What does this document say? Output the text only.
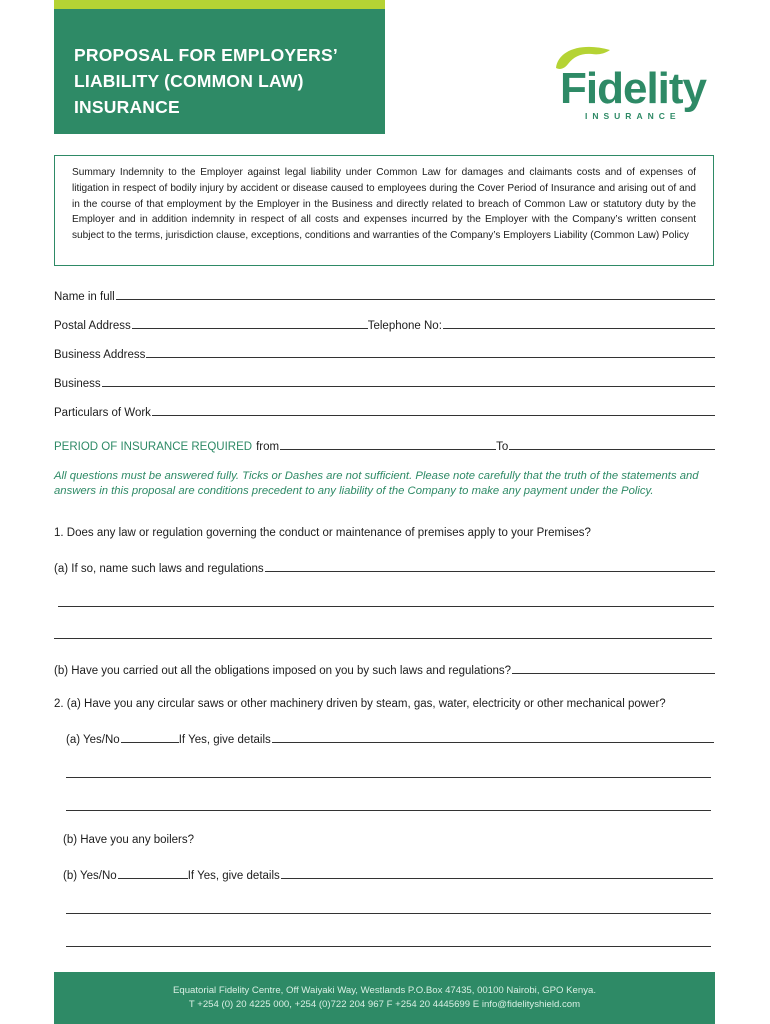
PROPOSAL FOR EMPLOYERS’
LIABILITY (COMMON LAW)
INSURANCE	Fidelity
INSURANCE
Summary Indemnity to the Employer against legal liability under Common Law for damages and claimants costs and of expenses of litigation in respect of bodily injury by accident or disease caused to employees during the Cover Period of Insurance and arising out of and in the course of that employment by the Employer in the Business and directly related to breach of Common Law or statutory duty by the Employer and in addition indemnity in respect of all costs and expenses incurred by the Employer with the Company’s written consent subject to the terms, jurisdiction clause, exceptions, conditions and warranties of the Company’s Employers Liability (Common Law) Policy
Name in full
Postal Address	Telephone No:
Business Address
Business
Particulars of Work
PERIOD OF INSURANCE REQUIRED from	To
All questions must be answered fully. Ticks or Dashes are not sufficient. Please note carefully that the truth of the statements and answers in this proposal are conditions precedent to any liability of the Company to make any payment under the Policy.
1. Does any law or regulation governing the conduct or maintenance of premises apply to your Premises?
(a) If so, name such laws and regulations
(b) Have you carried out all the obligations imposed on you by such laws and regulations?
2. (a) Have you any circular saws or other machinery driven by steam, gas, water, electricity or other mechanical power?
(a) Yes/No	If Yes, give details
(b) Have you any boilers?
(b) Yes/No	If Yes, give details
Equatorial Fidelity Centre, Off Waiyaki Way, Westlands P.O.Box 47435, 00100 Nairobi, GPO Kenya.
T +254 (0) 20 4225 000, +254 (0)722 204 967 F +254 20 4445699 E info@fidelityshield.com
